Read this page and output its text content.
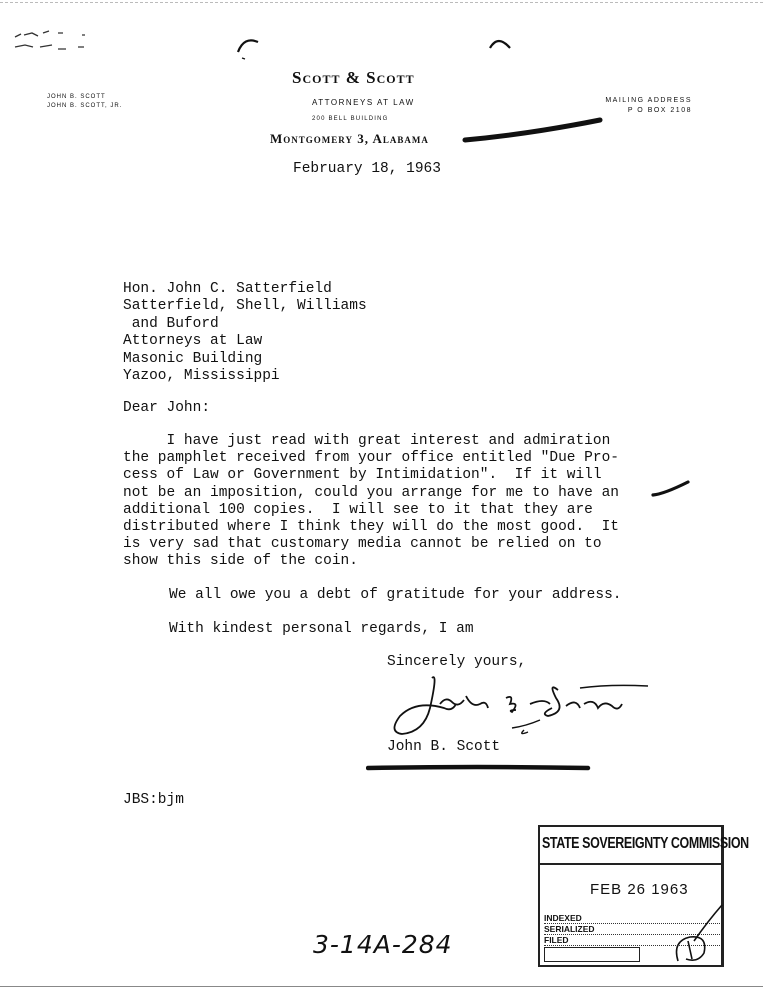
JOHN B. SCOTT
JOHN B. SCOTT, JR.
Scott & Scott
ATTORNEYS AT LAW
200 BELL BUILDING
Montgomery 3, Alabama
MAILING ADDRESS
P O BOX 2108
February 18, 1963
Hon. John C. Satterfield
Satterfield, Shell, Williams
and Buford
Attorneys at Law
Masonic Building
Yazoo, Mississippi
Dear John:
I have just read with great interest and admiration
the pamphlet received from your office entitled "Due Pro-
cess of Law or Government by Intimidation".  If it will
not be an imposition, could you arrange for me to have an
additional 100 copies.  I will see to it that they are
distributed where I think they will do the most good.  It
is very sad that customary media cannot be relied on to
show this side of the coin.
We all owe you a debt of gratitude for your address.
With kindest personal regards, I am
Sincerely yours,
John B. Scott
JBS:bjm
STATE SOVEREIGNTY COMMISSION
FEB 26 1963
INDEXED
SERIALIZED
FILED
3-14A-284
